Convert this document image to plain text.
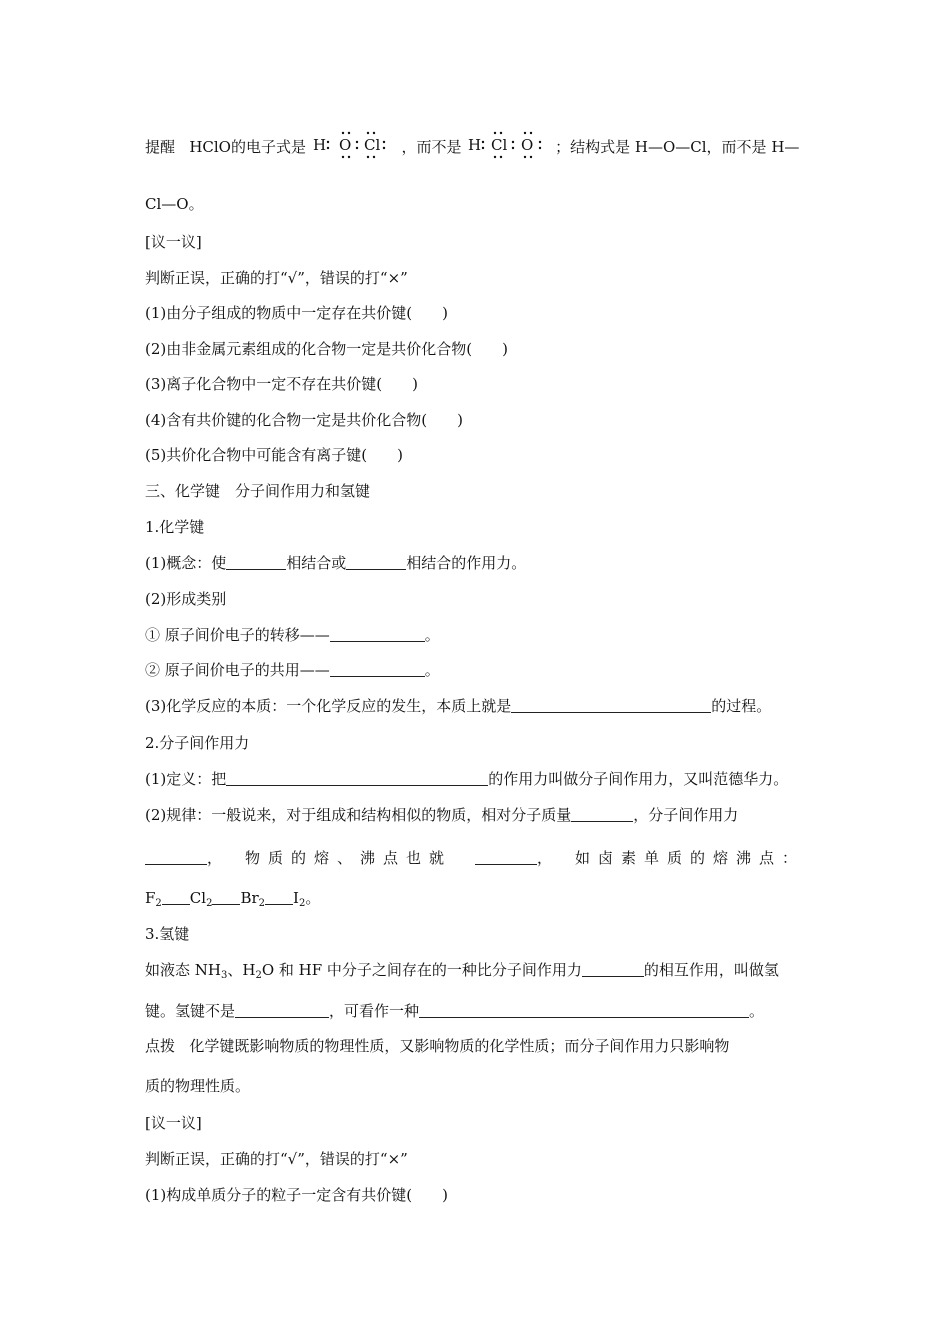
提醒 HClO的电子式是 H O Cl ，而不是 H Cl O ；结构式是 H—O—Cl，而不是 H—
Cl—O。
[议一议]
判断正误，正确的打“√”，错误的打“×”
(1)由分子组成的物质中一定存在共价键(　　)
(2)由非金属元素组成的化合物一定是共价化合物(　　)
(3)离子化合物中一定不存在共价键(　　)
(4)含有共价键的化合物一定是共价化合物(　　)
(5)共价化合物中可能含有离子键(　　)
三、化学键　分子间作用力和氢键
1.化学键
(1)概念：使	相结合或	相结合的作用力。
(2)形成类别
① 原子间价电子的转移——	。
② 原子间价电子的共用——	。
(3)化学反应的本质：一个化学反应的发生，本质上就是	的过程。
2.分子间作用力
(1)定义：把	的作用力叫做分子间作用力，又叫范德华力。
(2)规律：一般说来，对于组成和结构相似的物质，相对分子质量	，分子间作用力
， 物质的熔、沸点也就	， 如卤素单质的熔沸点：
$F_2$ $Cl_2$ $Br_2$ $I_2$。
3.氢键
如液态 $NH_3$、$H_2O$ 和 HF 中分子之间存在的一种比分子间作用力	的相互作用，叫做氢
键。氢键不是	，可看作一种	。
点拨 化学键既影响物质的物理性质，又影响物质的化学性质；而分子间作用力只影响物
质的物理性质。
[议一议]
判断正误，正确的打“√”，错误的打“×”
(1)构成单质分子的粒子一定含有共价键(　　)
